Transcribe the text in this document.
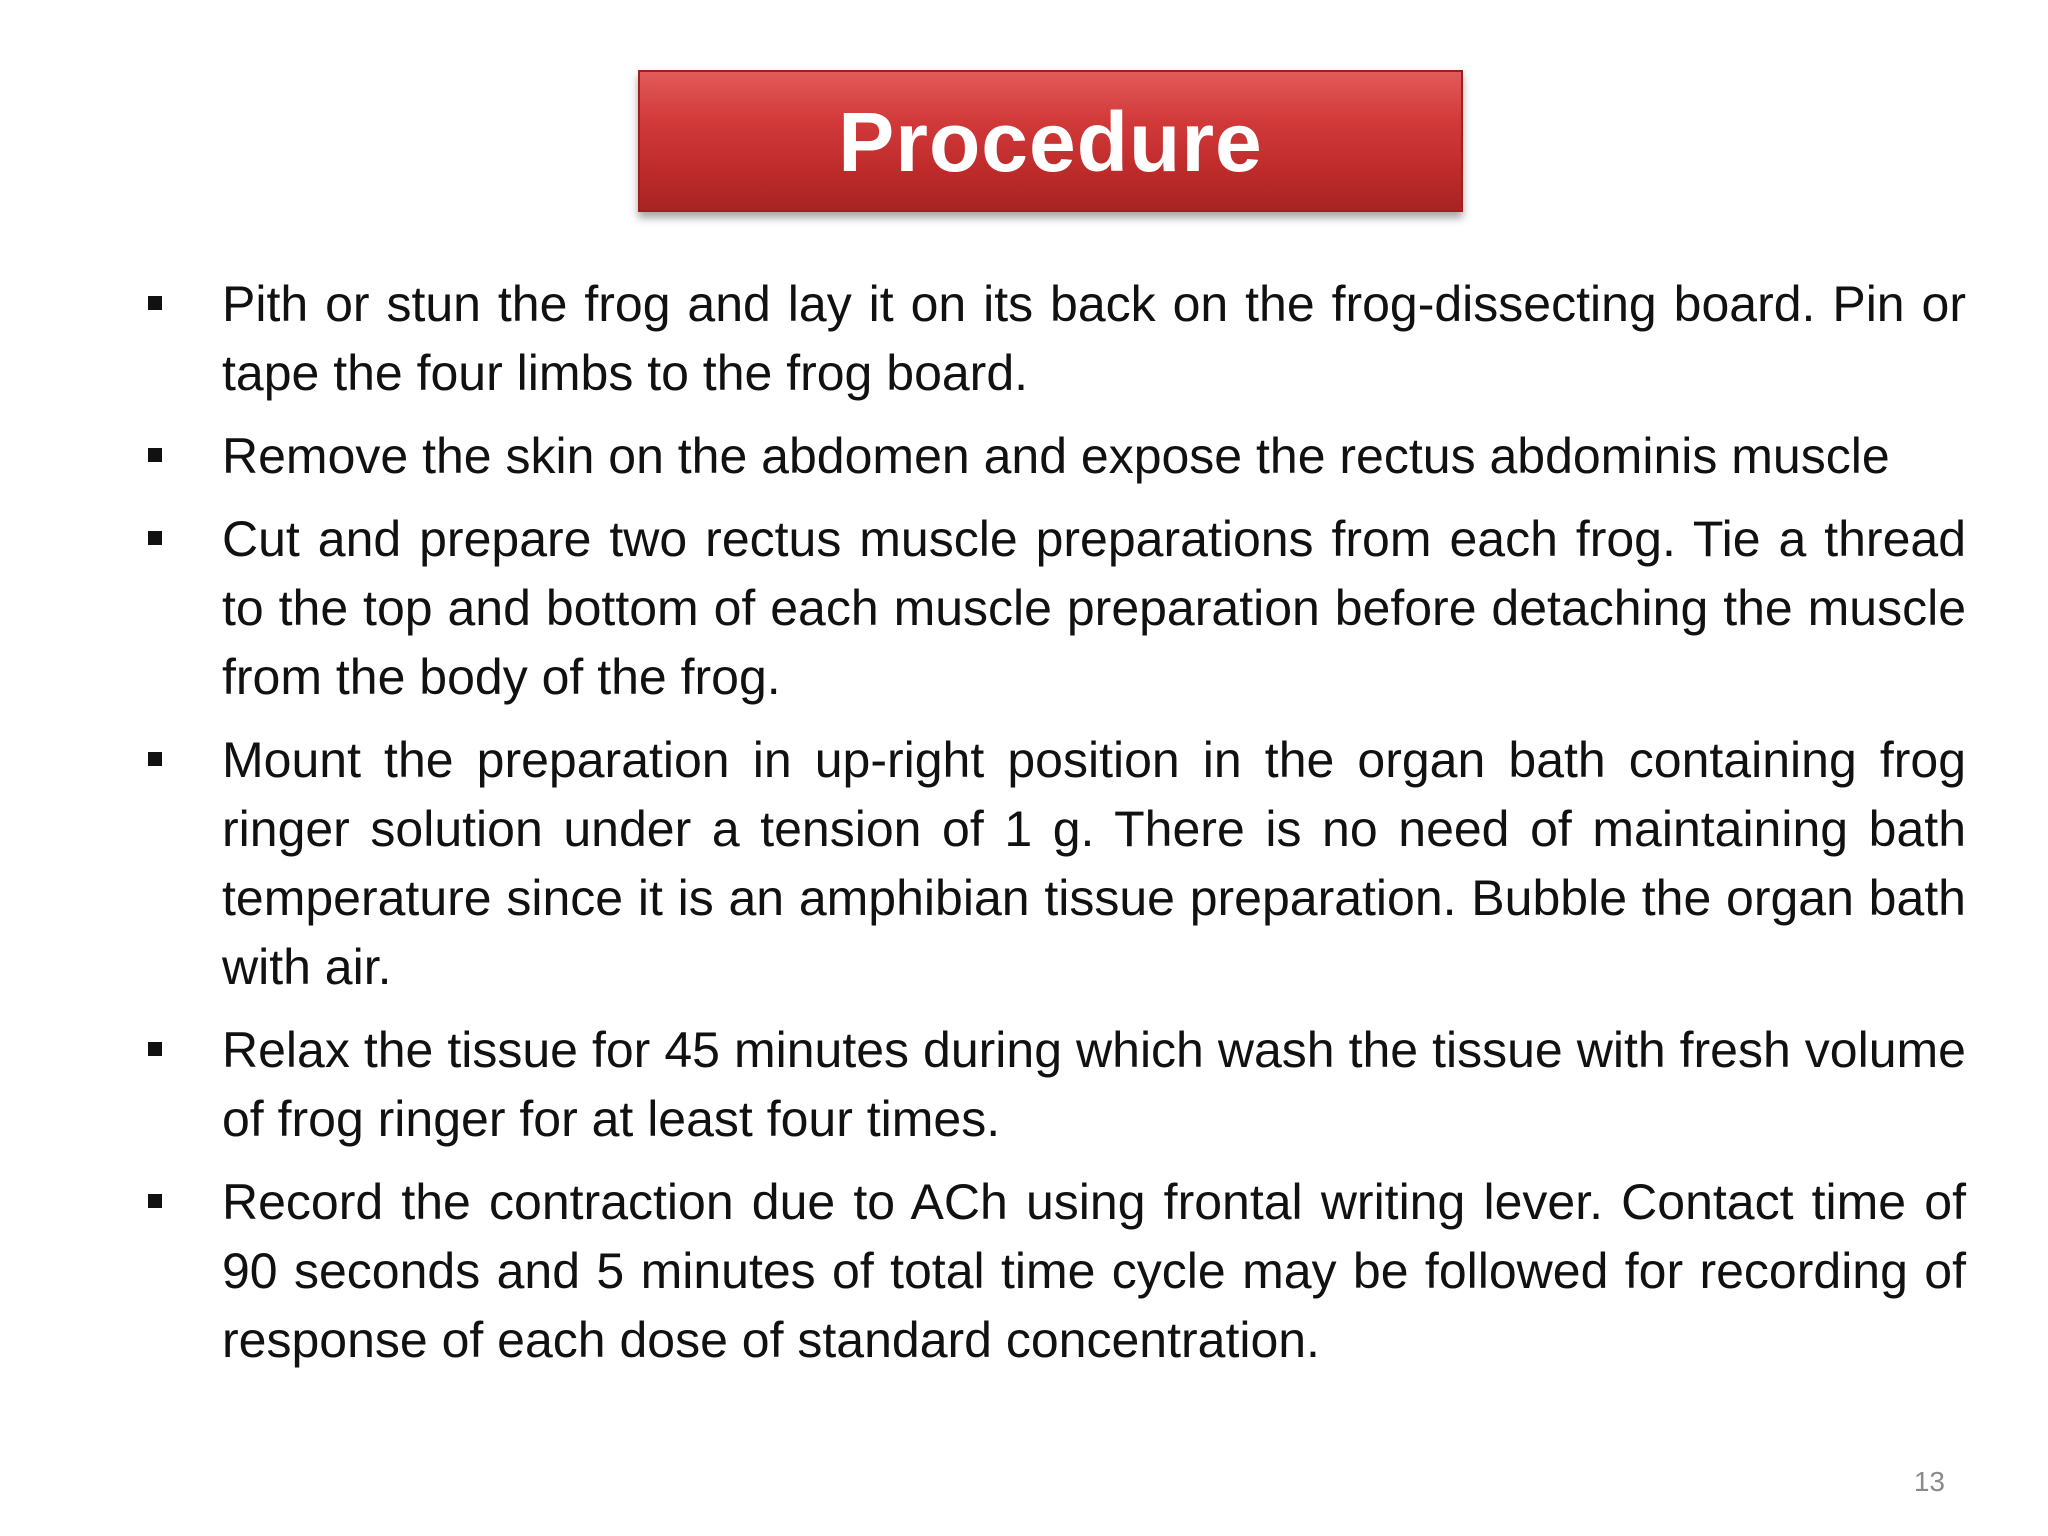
Procedure
Pith or stun the frog and lay it on its back on the frog-dissecting board. Pin or tape the four limbs to the frog board.
Remove the skin on the abdomen and expose the rectus abdominis muscle
Cut and prepare two rectus muscle preparations from each frog. Tie a thread to the top and bottom of each muscle preparation before detaching the muscle from the body of the frog.
Mount the preparation in up-right position in the organ bath containing frog ringer solution under a tension of 1 g. There is no need of maintaining bath temperature since it is an amphibian tissue preparation. Bubble the organ bath with air.
Relax the tissue for 45 minutes during which wash the tissue with fresh volume of frog ringer for at least four times.
Record the contraction due to ACh using frontal writing lever. Contact time of 90 seconds and 5 minutes of total time cycle may be followed for recording of response of each dose of standard concentration.
13
